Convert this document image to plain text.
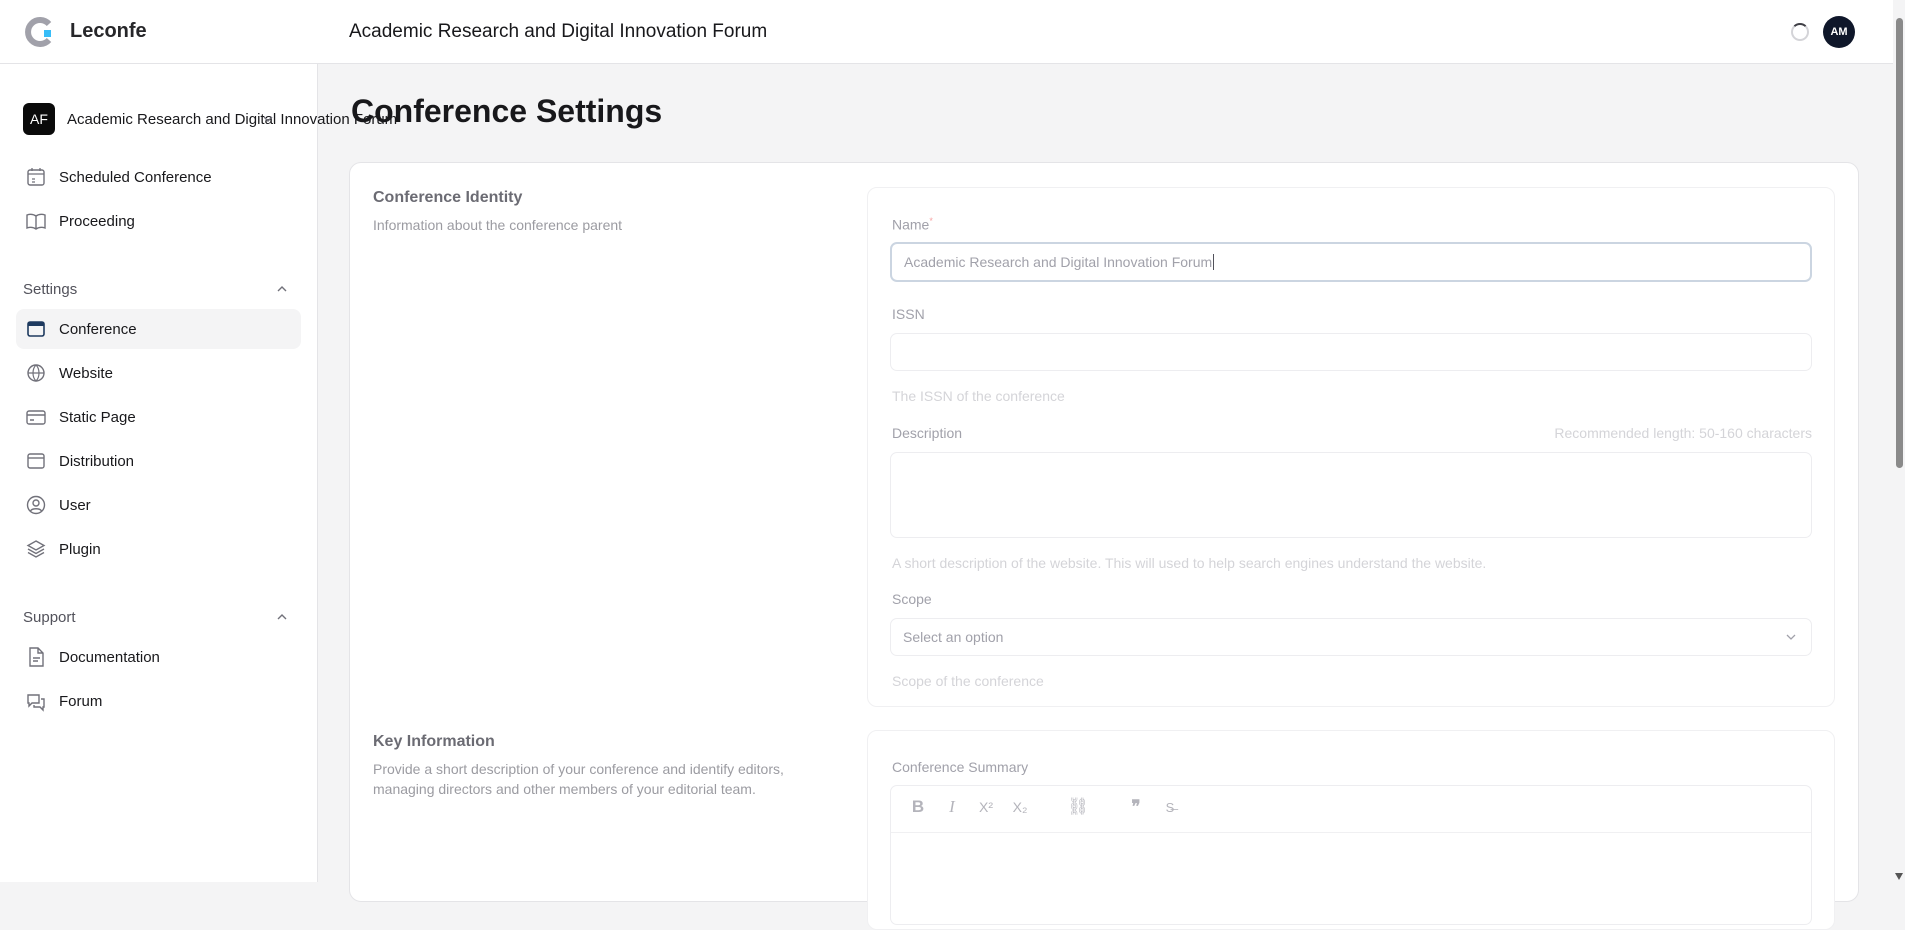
Leconfe	Academic Research and Digital Innovation Forum	AM
AF	Academic Research and Digital Innovation Forum
Scheduled Conference
Proceeding
Settings
Conference
Website
Static Page
Distribution
User
Plugin
Support
Documentation
Forum
Conference Settings
Conference Identity
Information about the conference parent	Name*
Academic Research and Digital Innovation Forum
ISSN
The ISSN of the conference
Description	Recommended length: 50-160 characters
A short description of the website. This will used to help search engines understand the website.
Scope
Select an option
Scope of the conference
Key Information
Provide a short description of your conference and identify editors, managing directors and other members of your editorial team.
Conference Summary
B	I	X²	X₂	⛓	❞	S̶
